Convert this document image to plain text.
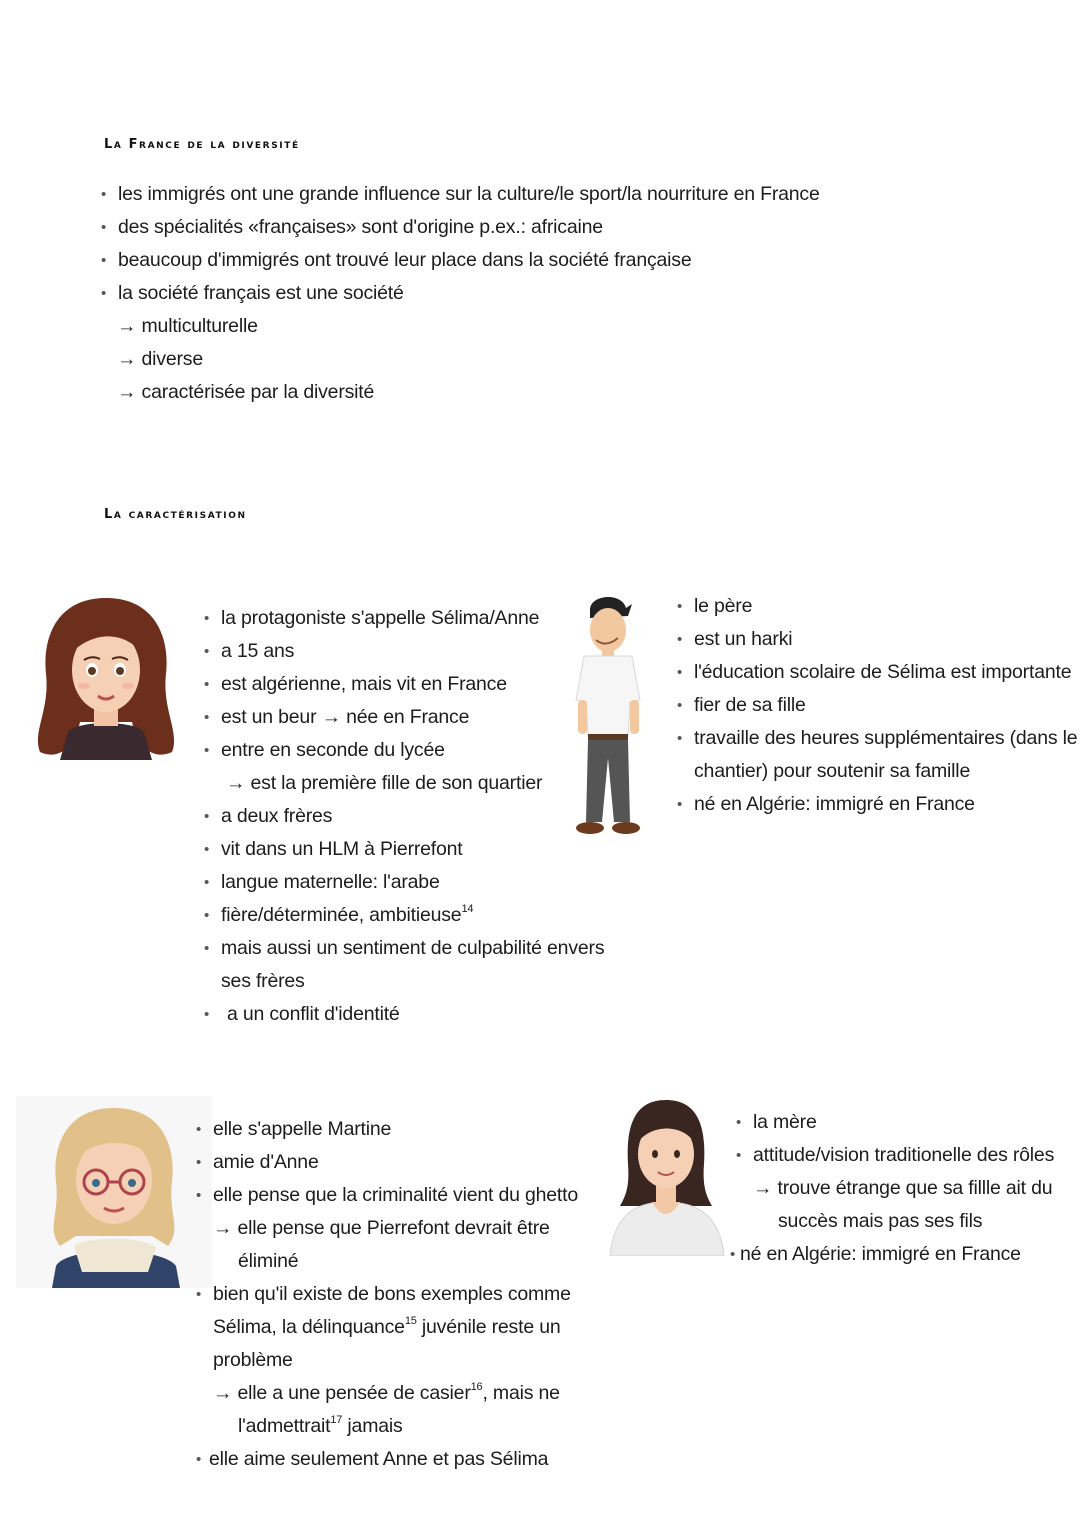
La France de la diversité
• les immigrés ont une grande influence sur la culture/le sport/la nourriture en France
• des spécialités «françaises» sont d'origine p.ex.: africaine
• beaucoup d'immigrés ont trouvé leur place dans la société française
• la société français est une société
→ multiculturelle
→ diverse
→ caractérisée par la diversité
La caractérisation
• la protagoniste s'appelle Sélima/Anne
• a 15 ans
• est algérienne, mais vit en France
• est un beur → née en France
• entre en seconde du lycée
→ est la première fille de son quartier
• a deux frères
• vit dans un HLM à Pierrefont
• langue maternelle: l'arabe
• fière/déterminée, ambitieuse$^{14}$
• mais aussi un sentiment de culpabilité envers
ses frères
• a un conflit d'identité
• le père
• est un harki
• l'éducation scolaire de Sélima est importante
• fier de sa fille
• travaille des heures supplémentaires (dans le
chantier) pour soutenir sa famille
• né en Algérie: immigré en France
• elle s'appelle Martine
• amie d'Anne
• elle pense que la criminalité vient du ghetto
→ elle pense que Pierrefont devrait être
éliminé
• bien qu'il existe de bons exemples comme
Sélima, la délinquance$^{15}$ juvénile reste un
problème
→ elle a une pensée de casier$^{16}$, mais ne
l'admettrait$^{17}$ jamais
• elle aime seulement Anne et pas Sélima
• la mère
• attitude/vision traditionelle des rôles
→ trouve étrange que sa fillle ait du
succès mais pas ses fils
• né en Algérie: immigré en France
